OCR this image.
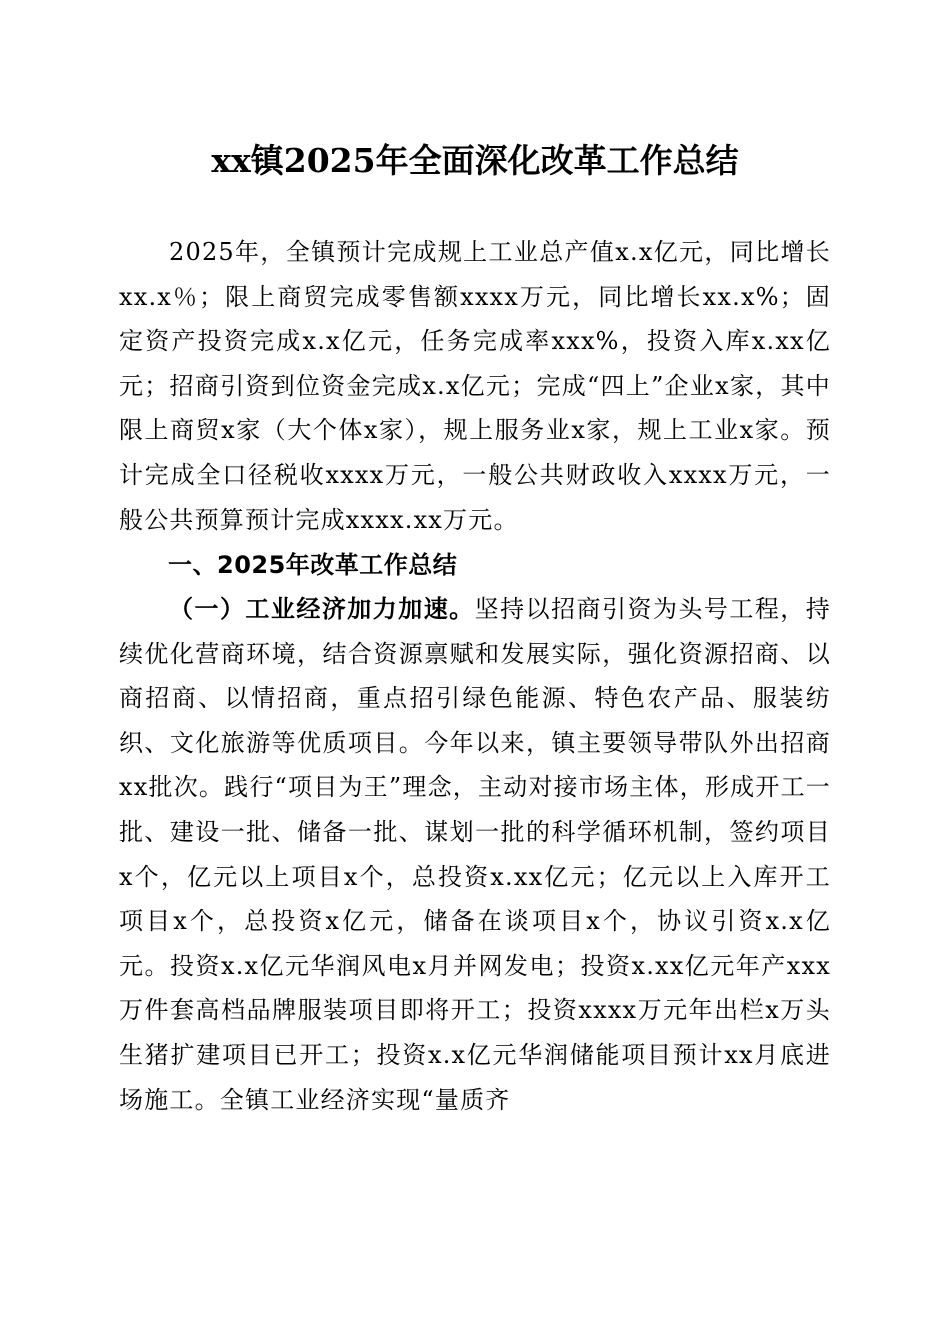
xx镇2025年全面深化改革工作总结

2025年，全镇预计完成规上工业总产值x.x亿元，同比增长xx.x％；限上商贸完成零售额xxxx万元，同比增长xx.x%；固定资产投资完成x.x亿元，任务完成率xxx%，投资入库x.xx亿元；招商引资到位资金完成x.x亿元；完成“四上”企业x家，其中限上商贸x家（大个体x家），规上服务业x家，规上工业x家。预计完成全口径税收xxxx万元，一般公共财政收入xxxx万元，一般公共预算预计完成xxxx.xx万元。

一、2025年改革工作总结

（一）工业经济加力加速。坚持以招商引资为头号工程，持续优化营商环境，结合资源禀赋和发展实际，强化资源招商、以商招商、以情招商，重点招引绿色能源、特色农产品、服装纺织、文化旅游等优质项目。今年以来，镇主要领导带队外出招商xx批次。践行“项目为王”理念，主动对接市场主体，形成开工一批、建设一批、储备一批、谋划一批的科学循环机制，签约项目x个，亿元以上项目x个，总投资x.xx亿元；亿元以上入库开工项目x个，总投资x亿元，储备在谈项目x个，协议引资x.x亿元。投资x.x亿元华润风电x月并网发电；投资x.xx亿元年产xxx万件套高档品牌服装项目即将开工；投资xxxx万元年出栏x万头生猪扩建项目已开工；投资x.x亿元华润储能项目预计xx月底进场施工。全镇工业经济实现“量质齐
